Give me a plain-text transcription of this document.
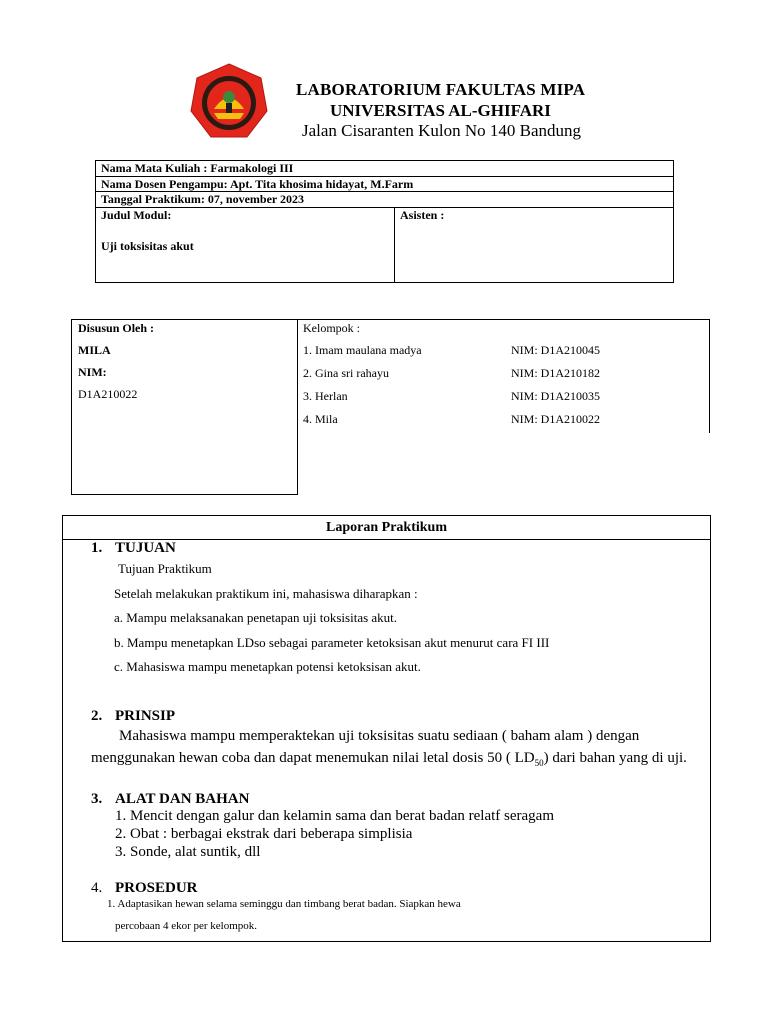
LABORATORIUM FAKULTAS MIPA
UNIVERSITAS AL-GHIFARI
Jalan Cisaranten Kulon No 140 Bandung
Nama Mata Kuliah : Farmakologi III
Nama Dosen Pengampu: Apt. Tita khosima hidayat, M.Farm
Tanggal Praktikum: 07, november 2023
Judul Modul:
Uji toksisitas akut
Asisten :
Disusun Oleh :
MILA
NIM:
D1A210022
Kelompok :
1. Imam maulana madya	NIM: D1A210045
2. Gina sri rahayu	NIM: D1A210182
3. Herlan	NIM: D1A210035
4. Mila	NIM: D1A210022
Laporan Praktikum
1. TUJUAN
Tujuan Praktikum
Setelah melakukan praktikum ini, mahasiswa diharapkan :
a. Mampu melaksanakan penetapan uji toksisitas akut.
b. Mampu menetapkan LDso sebagai parameter ketoksisan akut menurut cara FI III
c. Mahasiswa mampu menetapkan potensi ketoksisan akut.
2. PRINSIP
Mahasiswa mampu memperaktekan uji toksisitas suatu sediaan ( baham alam ) dengan
menggunakan hewan coba dan dapat menemukan nilai letal dosis 50 ( $LD_{50}$) dari bahan yang di uji.
3. ALAT DAN BAHAN
1. Mencit dengan galur dan kelamin sama dan berat badan relatf seragam
2. Obat : berbagai ekstrak dari beberapa simplisia
3. Sonde, alat suntik, dll
4. PROSEDUR
1. Adaptasikan hewan selama seminggu dan timbang berat badan. Siapkan hewa
percobaan 4 ekor per kelompok.
